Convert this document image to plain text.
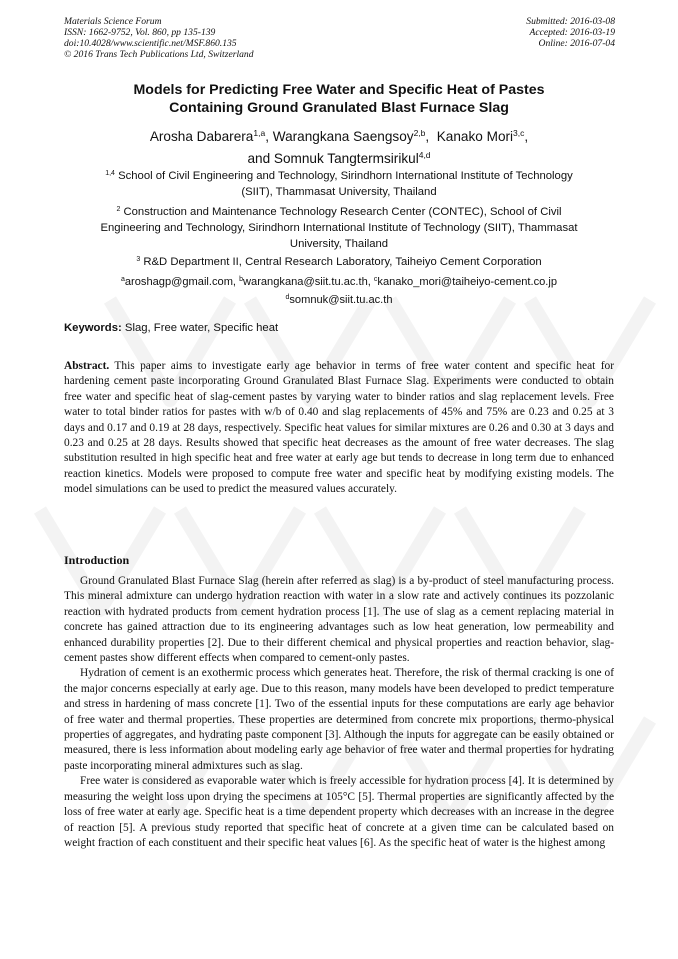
Materials Science Forum
ISSN: 1662-9752, Vol. 860, pp 135-139
doi:10.4028/www.scientific.net/MSF.860.135
© 2016 Trans Tech Publications Ltd, Switzerland
Submitted: 2016-03-08
Accepted: 2016-03-19
Online: 2016-07-04
Models for Predicting Free Water and Specific Heat of Pastes
Containing Ground Granulated Blast Furnace Slag
Arosha Dabarera$^{1,a}$, Warangkana Saengsoy$^{2,b}$,  Kanako Mori$^{3,c}$,
and Somnuk Tangtermsirikul$^{4,d}$
$^{1,4}$ School of Civil Engineering and Technology, Sirindhorn International Institute of Technology
(SIIT), Thammasat University, Thailand
$^2$ Construction and Maintenance Technology Research Center (CONTEC), School of Civil
Engineering and Technology, Sirindhorn International Institute of Technology (SIIT), Thammasat
University, Thailand
$^3$ R&D Department II, Central Research Laboratory, Taiheiyo Cement Corporation
$^a$aroshagp@gmail.com, $^b$warangkana@siit.tu.ac.th, $^c$kanako_mori@taiheiyo-cement.co.jp
$^d$somnuk@siit.tu.ac.th
Keywords: Slag, Free water, Specific heat
Abstract. This paper aims to investigate early age behavior in terms of free water content and specific heat for hardening cement paste incorporating Ground Granulated Blast Furnace Slag. Experiments were conducted to obtain free water and specific heat of slag-cement pastes by varying water to binder ratios and slag replacement levels. Free water to total binder ratios for pastes with w/b of 0.40 and slag replacements of 45% and 75% are 0.23 and 0.25 at 3 days and 0.17 and 0.19 at 28 days, respectively. Specific heat values for similar mixtures are 0.26 and 0.30 at 3 days and 0.23 and 0.25 at 28 days. Results showed that specific heat decreases as the amount of free water decreases. The slag substitution resulted in high specific heat and free water at early age but tends to decrease in long term due to enhanced reaction kinetics. Models were proposed to compute free water and specific heat by modifying existing models. The model simulations can be used to predict the measured values accurately.
Introduction

Ground Granulated Blast Furnace Slag (herein after referred as slag) is a by-product of steel manufacturing process. This mineral admixture can undergo hydration reaction with water in a slow rate and actively continues its pozzolanic reaction with hydrated products from cement hydration process [1]. The use of slag as a cement replacing material in concrete has gained attraction due to its engineering advantages such as low heat generation, low permeability and enhanced durability properties [2]. Due to their different chemical and physical properties and reaction behavior, slag-cement pastes show different effects when compared to cement-only pastes.

Hydration of cement is an exothermic process which generates heat. Therefore, the risk of thermal cracking is one of the major concerns especially at early age. Due to this reason, many models have been developed to predict temperature and stress in hardening of mass concrete [1]. Two of the essential inputs for these computations are early age behavior of free water and thermal properties. These properties are determined from concrete mix proportions, thermo-physical properties of aggregates, and hydrating paste component [3]. Although the inputs for aggregate can be easily obtained or measured, there is less information about modeling early age behavior of free water and thermal properties for hydrating paste incorporating mineral admixtures such as slag.

Free water is considered as evaporable water which is freely accessible for hydration process [4]. It is determined by measuring the weight loss upon drying the specimens at 105°C [5]. Thermal properties are significantly affected by the loss of free water at early age. Specific heat is a time dependent property which decreases with an increase in the degree of reaction [5]. A previous study reported that specific heat of concrete at a given time can be calculated based on weight fraction of each constituent and their specific heat values [6]. As the specific heat of water is the highest among
